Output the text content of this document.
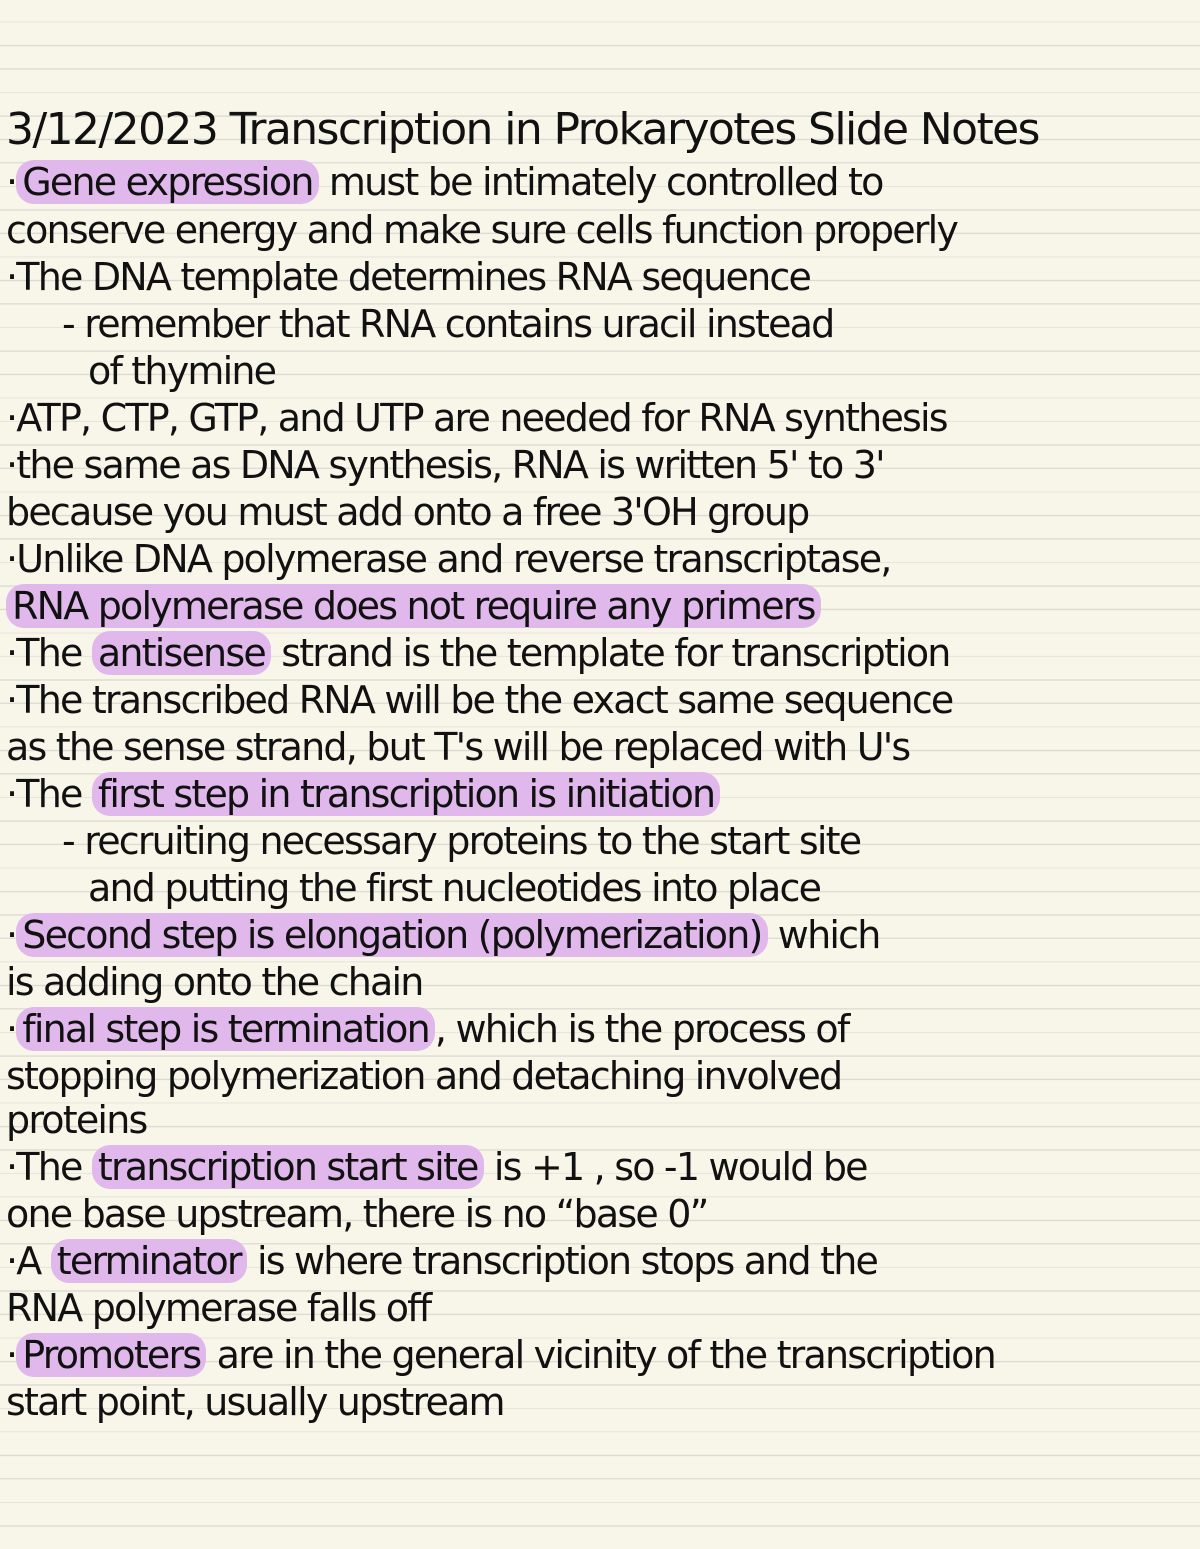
3/12/2023 Transcription in Prokaryotes Slide Notes
· Gene expression must be intimately controlled to
conserve energy and make sure cells function properly
·The DNA template determines RNA sequence
- remember that RNA contains uracil instead
of thymine
·ATP, CTP, GTP, and UTP are needed for RNA synthesis
·the same as DNA synthesis, RNA is written 5' to 3'
because you must add onto a free 3'OH group
·Unlike DNA polymerase and reverse transcriptase,
RNA polymerase does not require any primers
·The antisense strand is the template for transcription
·The transcribed RNA will be the exact same sequence
as the sense strand, but T's will be replaced with U's
·The first step in transcription is initiation
- recruiting necessary proteins to the start site
and putting the first nucleotides into place
· Second step is elongation (polymerization) which
is adding onto the chain
· final step is termination , which is the process of
stopping polymerization and detaching involved
proteins
·The transcription start site is +1 , so -1 would be
one base upstream, there is no “base 0”
·A terminator is where transcription stops and the
RNA polymerase falls off
· Promoters are in the general vicinity of the transcription
start point, usually upstream
